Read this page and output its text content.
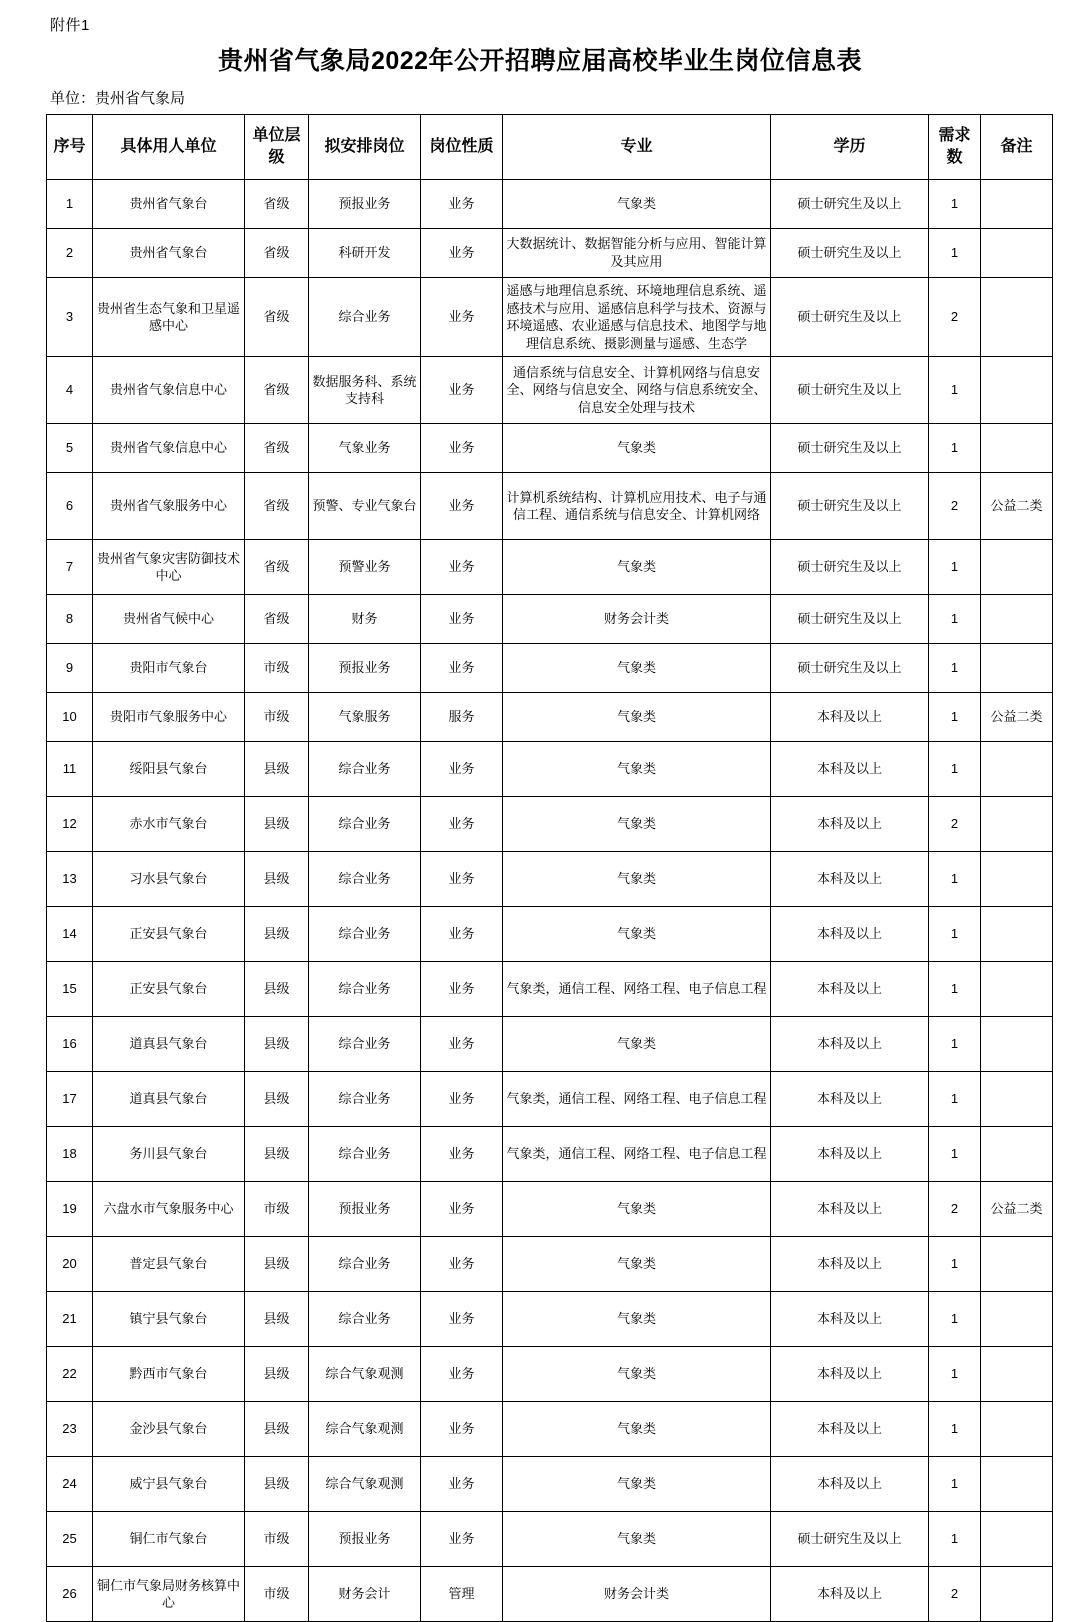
附件1
贵州省气象局2022年公开招聘应届高校毕业生岗位信息表
单位：贵州省气象局
序号	具体用人单位	单位层级	拟安排岗位	岗位性质	专业	学历	需求数	备注
1	贵州省气象台	省级	预报业务	业务	气象类	硕士研究生及以上	1	
2	贵州省气象台	省级	科研开发	业务	大数据统计、数据智能分析与应用、智能计算及其应用	硕士研究生及以上	1	
3	贵州省生态气象和卫星遥感中心	省级	综合业务	业务	遥感与地理信息系统、环境地理信息系统、遥感技术与应用、遥感信息科学与技术、资源与环境遥感、农业遥感与信息技术、地图学与地理信息系统、摄影测量与遥感、生态学	硕士研究生及以上	2	
4	贵州省气象信息中心	省级	数据服务科、系统支持科	业务	通信系统与信息安全、计算机网络与信息安全、网络与信息安全、网络与信息系统安全、信息安全处理与技术	硕士研究生及以上	1	
5	贵州省气象信息中心	省级	气象业务	业务	气象类	硕士研究生及以上	1	
6	贵州省气象服务中心	省级	预警、专业气象台	业务	计算机系统结构、计算机应用技术、电子与通信工程、通信系统与信息安全、计算机网络	硕士研究生及以上	2	公益二类
7	贵州省气象灾害防御技术中心	省级	预警业务	业务	气象类	硕士研究生及以上	1	
8	贵州省气候中心	省级	财务	业务	财务会计类	硕士研究生及以上	1	
9	贵阳市气象台	市级	预报业务	业务	气象类	硕士研究生及以上	1	
10	贵阳市气象服务中心	市级	气象服务	服务	气象类	本科及以上	1	公益二类
11	绥阳县气象台	县级	综合业务	业务	气象类	本科及以上	1	
12	赤水市气象台	县级	综合业务	业务	气象类	本科及以上	2	
13	习水县气象台	县级	综合业务	业务	气象类	本科及以上	1	
14	正安县气象台	县级	综合业务	业务	气象类	本科及以上	1	
15	正安县气象台	县级	综合业务	业务	气象类，通信工程、网络工程、电子信息工程	本科及以上	1	
16	道真县气象台	县级	综合业务	业务	气象类	本科及以上	1	
17	道真县气象台	县级	综合业务	业务	气象类，通信工程、网络工程、电子信息工程	本科及以上	1	
18	务川县气象台	县级	综合业务	业务	气象类，通信工程、网络工程、电子信息工程	本科及以上	1	
19	六盘水市气象服务中心	市级	预报业务	业务	气象类	本科及以上	2	公益二类
20	普定县气象台	县级	综合业务	业务	气象类	本科及以上	1	
21	镇宁县气象台	县级	综合业务	业务	气象类	本科及以上	1	
22	黔西市气象台	县级	综合气象观测	业务	气象类	本科及以上	1	
23	金沙县气象台	县级	综合气象观测	业务	气象类	本科及以上	1	
24	威宁县气象台	县级	综合气象观测	业务	气象类	本科及以上	1	
25	铜仁市气象台	市级	预报业务	业务	气象类	硕士研究生及以上	1	
26	铜仁市气象局财务核算中心	市级	财务会计	管理	财务会计类	本科及以上	2	
